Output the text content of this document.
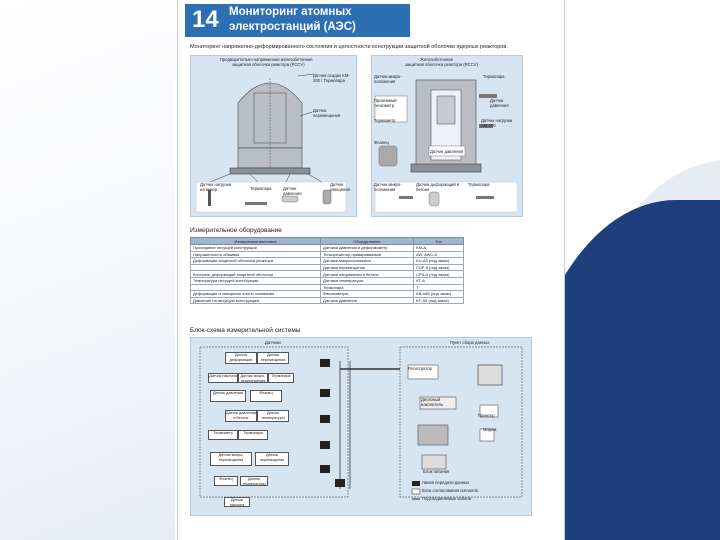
14 Мониторинг атомных
электростанций (АЭС)
Мониторинг напряженно-деформированного состояния и целостности конструкции защитной оболочки ядерных реакторов.
Предварительно напряженная железобетонная
защитная оболочка реактора (PCCV)
Датчик осадки KM-200 / Термопара
Датчик перемещения
Датчик нагрузки на анкер	Термопара	Датчик давления
Датчик смещения
Железобетонная
защитная оболочка реактора (RCCV)
Датчик микро-положения
Термопара
Приземный тензометр
Датчик давления
Термометр	Датчик нагрузки KM-200
Фланец
Датчик давления
Датчик микро-положения
Датчик деформаций в бетоне
Термопара
Измерительное оборудование
Измеряемая величина	Оборудование	Тип
Проседание несущей конструкции	Датчики давления и деформометр	KM-A
Напряженность обшивки	Тензорезистор привариваемый	AW, AWC-8
Деформации защитной оболочки реактора	Датчики микроположения	KU-A5 (под заказ)
	Датчики перемещения	CDP-5 (под заказ)
Контроль деформаций защитной оболочки	Датчики напряжения в бетоне	CPS-A (под заказ)
Температура несущей конструкции	Датчики температуры	KT-A
	Термопара	T
Деформации и смещения плиты основания	Фиксиометры	KB-A85 (под заказ)
Давление на несущую конструкцию	Датчики давления	KF-A5 (под заказ)
Блок-схема измерительной системы
Датчики	Пункт сбора данных
Датчик деформации
Датчик перемещения
Датчик наклона Датчик микро-перемещения
Термопара
Датчик давления	Фланец
Датчик давления в бетоне
Датчик температуры
Термометр	Термопара
Датчик микро-перемещения
Датчик перемещения
Фланец	Датчик температуры
Датчик наклона
Регистратор
Принтер
Дисковый накопитель
Блок питания
Модем
Линия передачи данных
Блок согласования сигналов
Подсоединяемые кабели
